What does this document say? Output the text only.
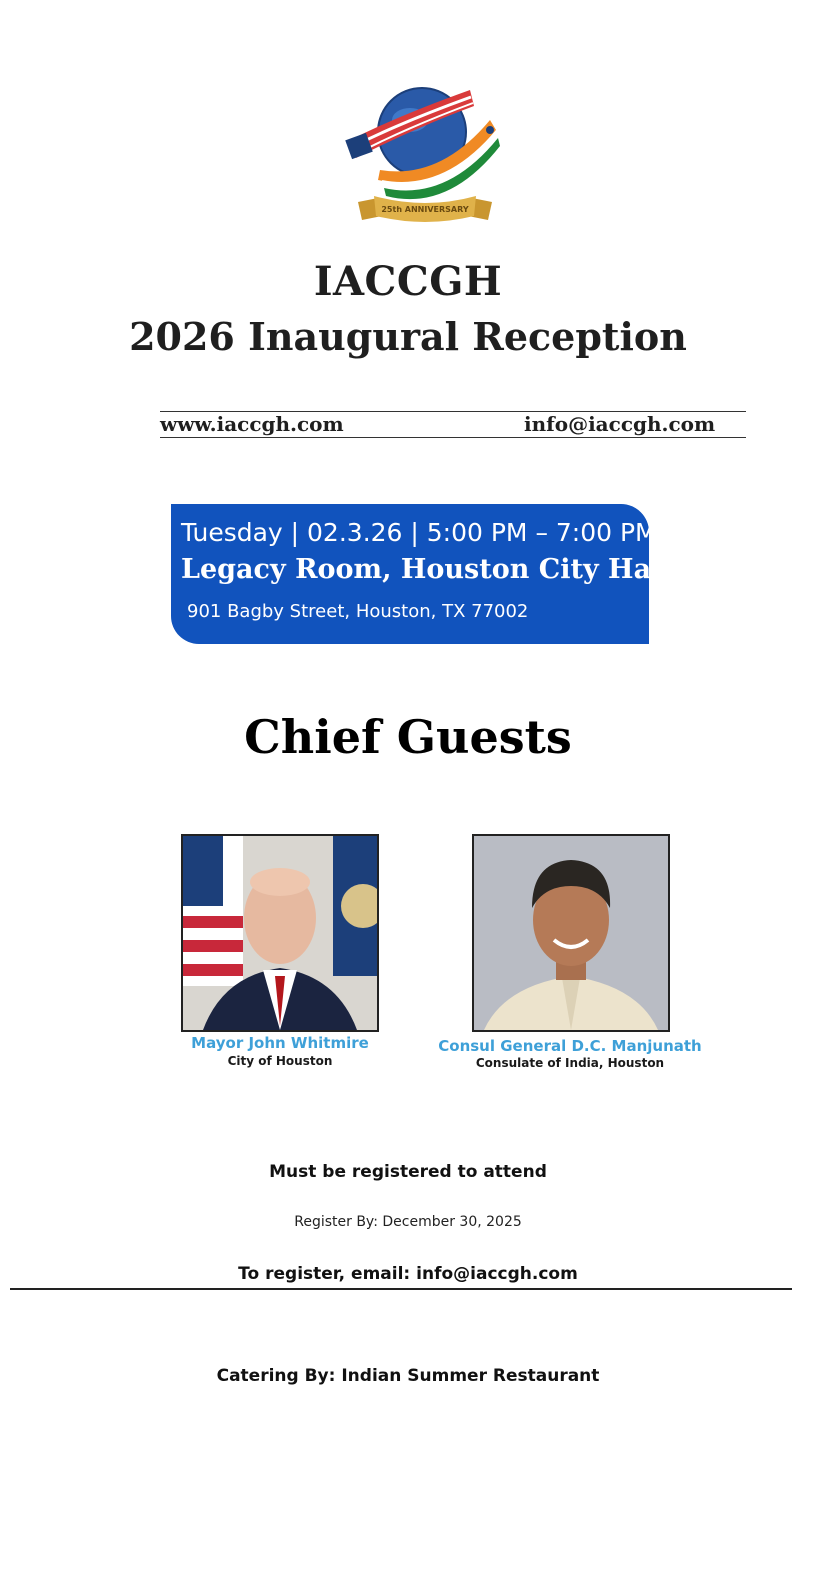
25th ANNIVERSARY
IACCGH
2026 Inaugural Reception
www.iaccgh.com	info@iaccgh.com
Tuesday | 02.3.26 | 5:00 PM – 7:00 PM
Legacy Room, Houston City Hall
901 Bagby Street, Houston, TX 77002
Chief Guests
Mayor John Whitmire
City of Houston
Consul General D.C. Manjunath
Consulate of India, Houston
Must be registered to attend
Register By: December 30, 2025
To register, email: info@iaccgh.com
Catering By: Indian Summer Restaurant
